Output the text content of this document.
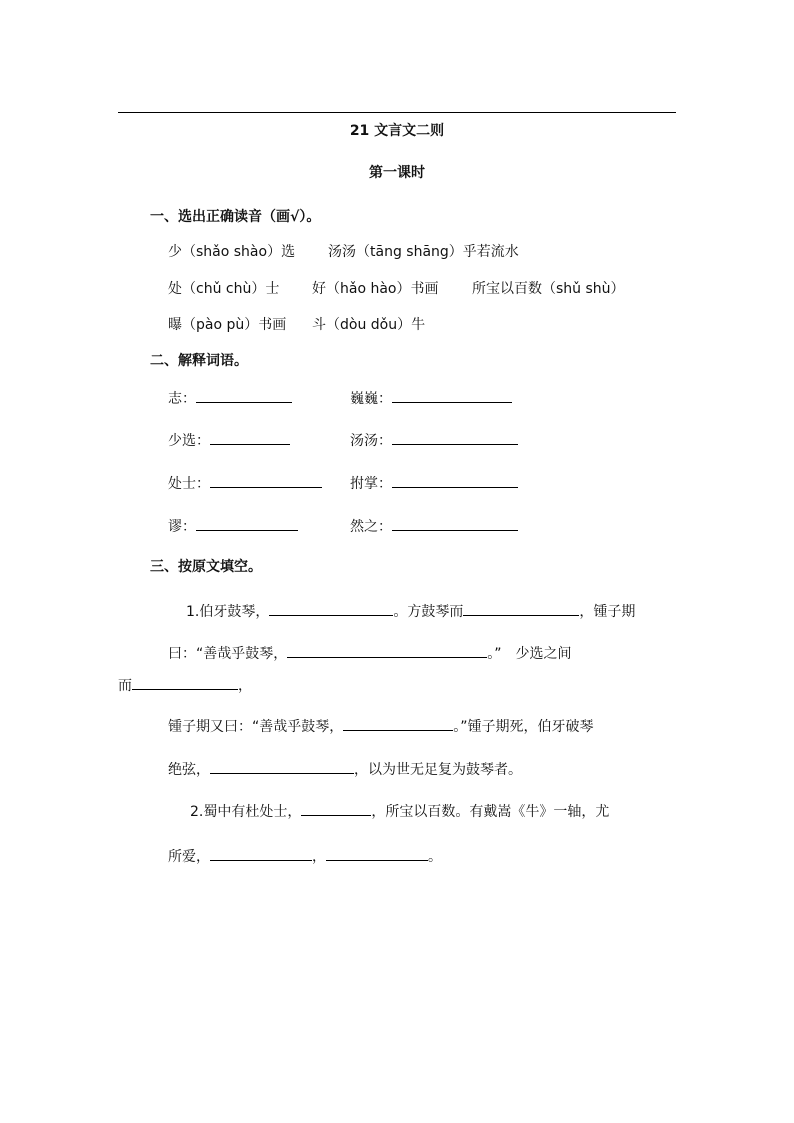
21 文言文二则
第一课时
一、选出正确读音（画√）。
少（shǎo shào）选 汤汤（tāng shāng）乎若流水
处（chǔ chù）士 好（hǎo hào）书画 所宝以百数（shǔ shù）
曝（pào pù）书画 斗（dòu dǒu）牛
二、解释词语。
志：	巍巍：
少选：	汤汤：
处士：	拊掌：
谬：	然之：
三、按原文填空。
1.伯牙鼓琴，	。方鼓琴而	，锺子期
曰：“善哉乎鼓琴，	。”　少选之间
而	，
锺子期又曰：“善哉乎鼓琴，	。”锺子期死，伯牙破琴
绝弦，	，以为世无足复为鼓琴者。
2.蜀中有杜处士，	，所宝以百数。有戴嵩《牛》一轴，尤
所爱，	，	。
